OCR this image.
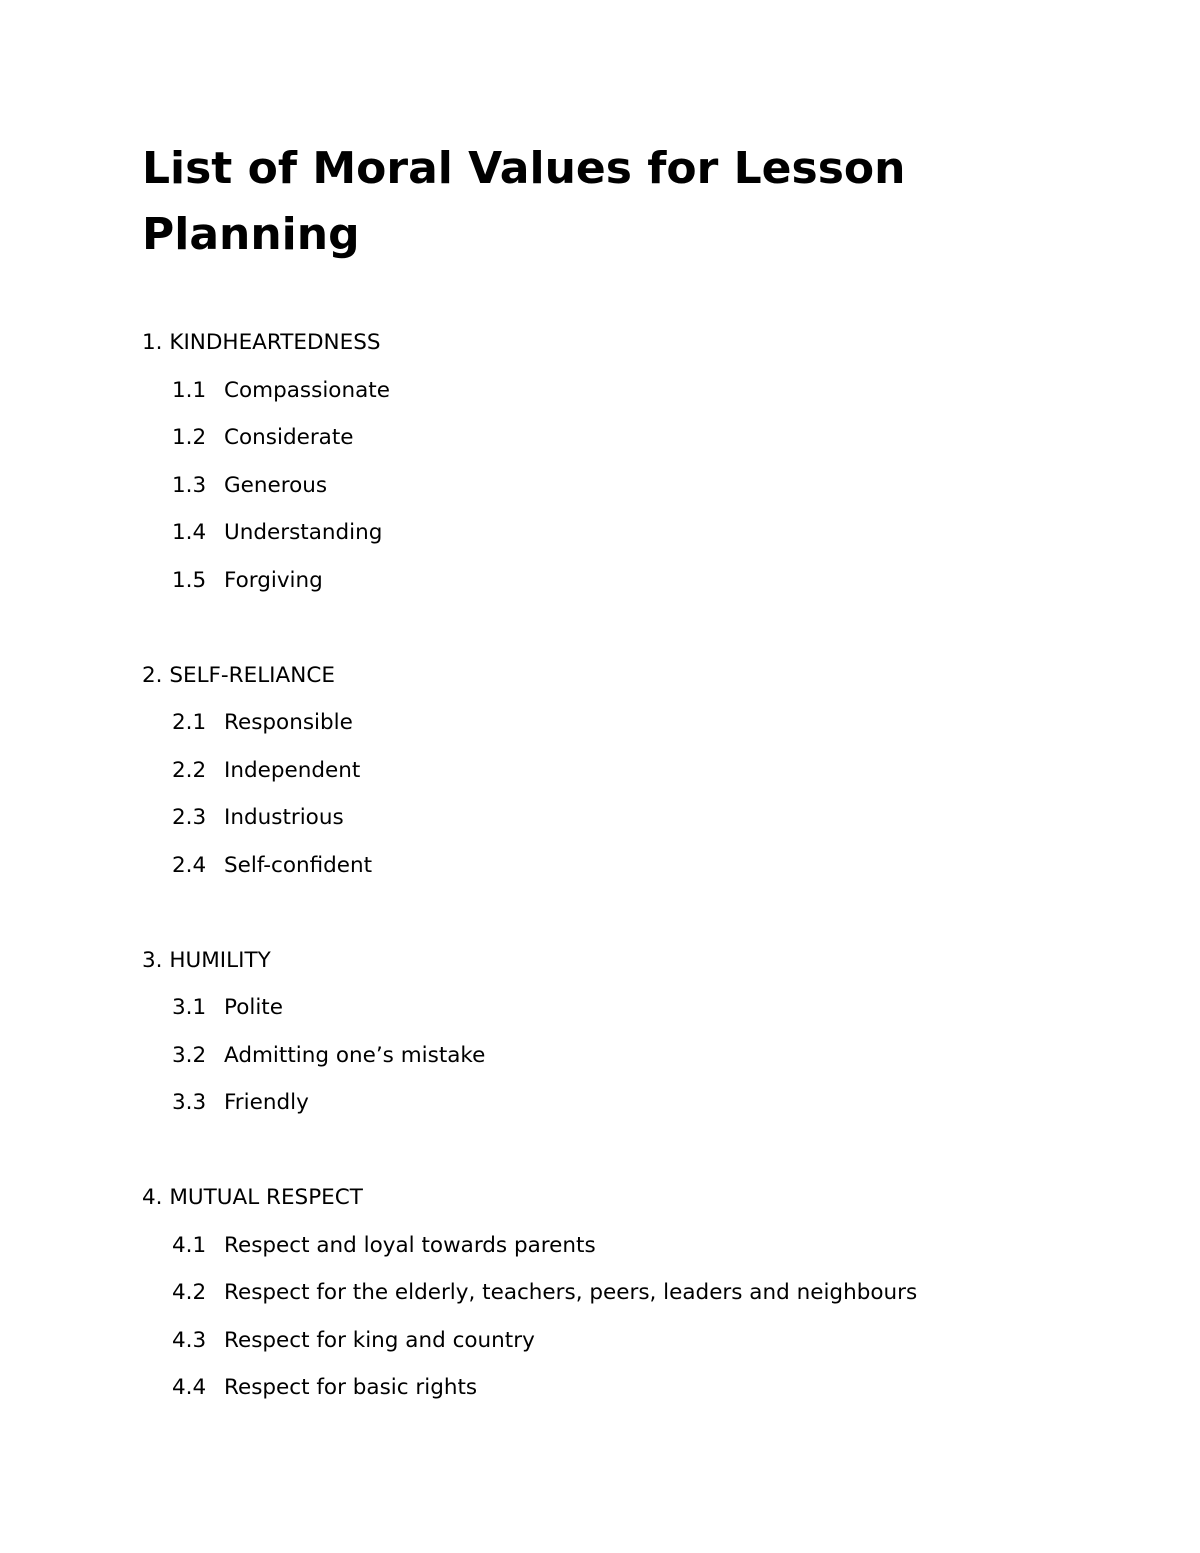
List of Moral Values for Lesson Planning
1. KINDHEARTEDNESS
1.1 Compassionate
1.2 Considerate
1.3 Generous
1.4 Understanding
1.5 Forgiving
2. SELF-RELIANCE
2.1 Responsible
2.2 Independent
2.3 Industrious
2.4 Self-confident
3. HUMILITY
3.1 Polite
3.2 Admitting one’s mistake
3.3 Friendly
4. MUTUAL RESPECT
4.1 Respect and loyal towards parents
4.2 Respect for the elderly, teachers, peers, leaders and neighbours
4.3 Respect for king and country
4.4 Respect for basic rights
